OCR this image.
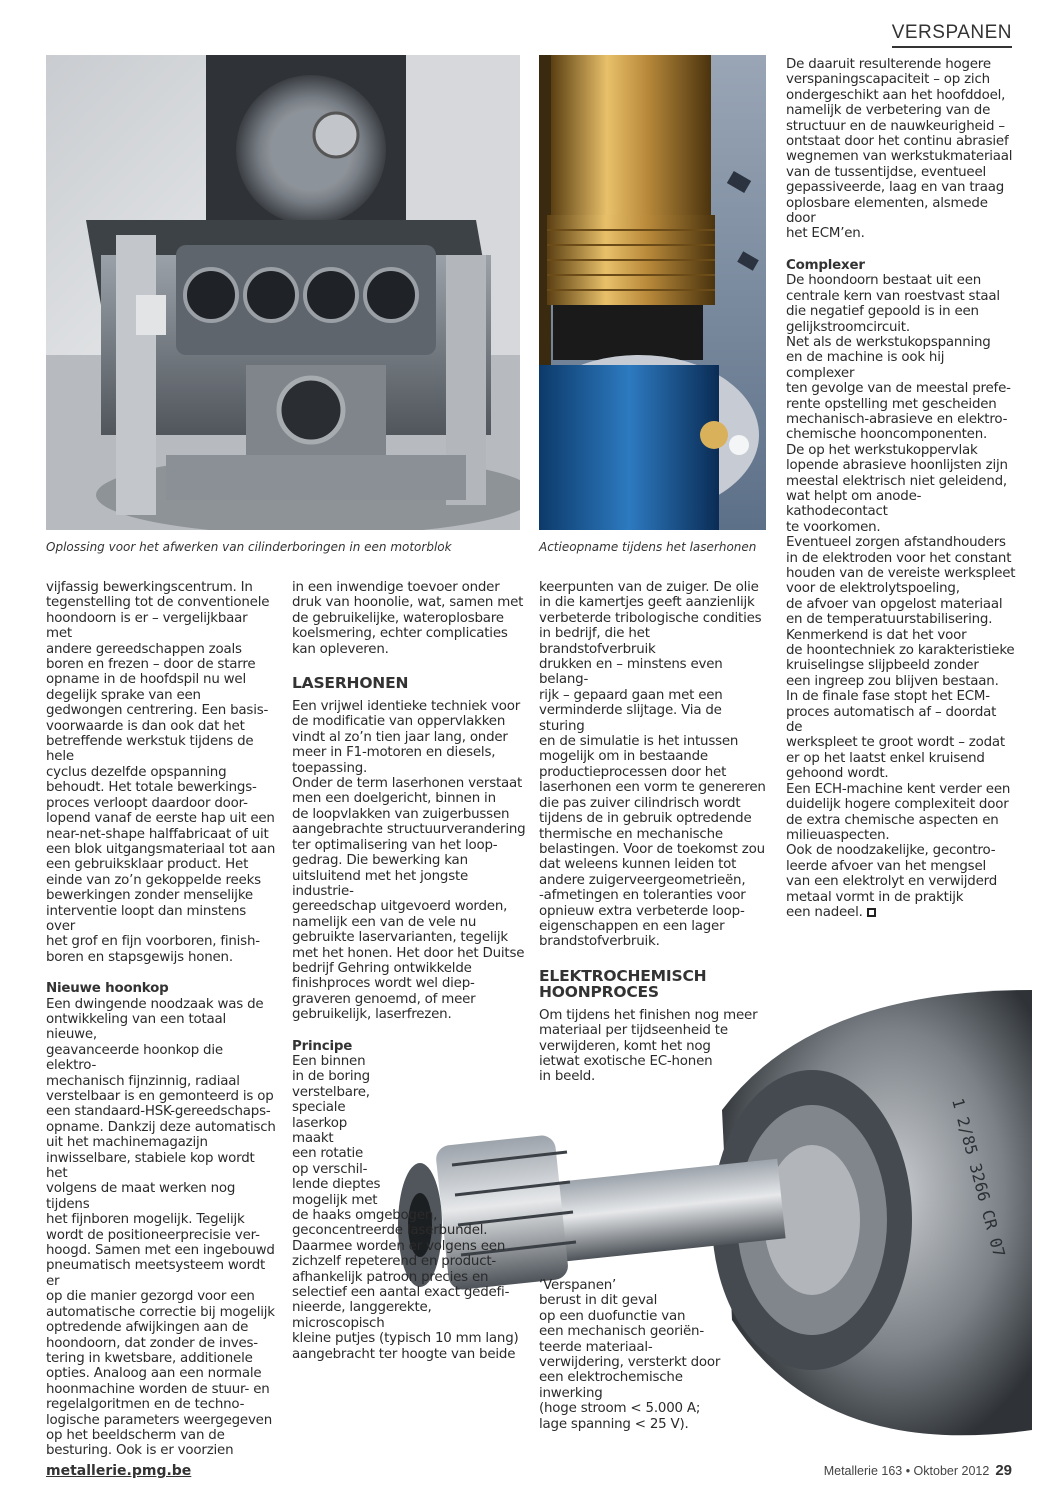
VERSPANEN
Oplossing voor het afwerken van cilinderboringen in een motorblok	Actieopname tijdens het laserhonen
1 2/85 3266 CR 07

vijfassig bewerkingscentrum. In
tegenstelling tot de conventionele
hoondoorn is er – vergelijkbaar met
andere gereedschappen zoals
boren en frezen – door de starre
opname in de hoofdspil nu wel
degelijk sprake van een
gedwongen centrering. Een basis-
voorwaarde is dan ook dat het
betreffende werkstuk tijdens de hele
cyclus dezelfde opspanning
behoudt. Het totale bewerkings-
proces verloopt daardoor door-
lopend vanaf de eerste hap uit een
near-net-shape halffabricaat of uit
een blok uitgangsmateriaal tot aan
een gebruiksklaar product. Het
einde van zo’n gekoppelde reeks
bewerkingen zonder menselijke
interventie loopt dan minstens over
het grof en fijn voorboren, finish-
boren en stapsgewijs honen.

Nieuwe hoonkop

Een dwingende noodzaak was de
ontwikkeling van een totaal nieuwe,
geavanceerde hoonkop die elektro-
mechanisch fijnzinnig, radiaal
verstelbaar is en gemonteerd is op
een standaard-HSK-gereedschaps-
opname. Dankzij deze automatisch
uit het machinemagazijn
inwisselbare, stabiele kop wordt het
volgens de maat werken nog tijdens
het fijnboren mogelijk. Tegelijk
wordt de positioneerprecisie ver-
hoogd. Samen met een ingebouwd
pneumatisch meetsysteem wordt er
op die manier gezorgd voor een
automatische correctie bij mogelijk
optredende afwijkingen aan de
hoondoorn, dat zonder de inves-
tering in kwetsbare, additionele
opties. Analoog aan een normale
hoonmachine worden de stuur- en
regelalgoritmen en de techno-
logische parameters weergegeven
op het beeldscherm van de
besturing. Ook is er voorzien

in een inwendige toevoer onder
druk van hoonolie, wat, samen met
de gebruikelijke, wateroplosbare
koelsmering, echter complicaties
kan opleveren.

LASERHONEN

Een vrijwel identieke techniek voor
de modificatie van oppervlakken
vindt al zo’n tien jaar lang, onder
meer in F1-motoren en diesels,
toepassing.
Onder de term laserhonen verstaat
men een doelgericht, binnen in
de loopvlakken van zuigerbussen
aangebrachte structuurverandering
ter optimalisering van het loop-
gedrag. Die bewerking kan
uitsluitend met het jongste industrie-
gereedschap uitgevoerd worden,
namelijk een van de vele nu
gebruikte laservarianten, tegelijk
met het honen. Het door het Duitse
bedrijf Gehring ontwikkelde
finishproces wordt wel diep-
graveren genoemd, of meer
gebruikelijk, laserfrezen.

Principe

Een binnen
in de boring
verstelbare,
speciale
laserkop
maakt
een rotatie
op verschil-
lende dieptes
mogelijk met

de haaks omgebogen,
geconcentreerde laserbundel.
Daarmee worden er volgens een
zichzelf repeterend en product-
afhankelijk patroon precies en
selectief een aantal exact gedefi-
nieerde, langgerekte, microscopisch
kleine putjes (typisch 10 mm lang)
aangebracht ter hoogte van beide

keerpunten van de zuiger. De olie
in die kamertjes geeft aanzienlijk
verbeterde tribologische condities
in bedrijf, die het brandstofverbruik
drukken en – minstens even belang-
rijk – gepaard gaan met een
verminderde slijtage. Via de sturing
en de simulatie is het intussen
mogelijk om in bestaande
productieprocessen door het
laserhonen een vorm te genereren
die pas zuiver cilindrisch wordt
tijdens de in gebruik optredende
thermische en mechanische
belastingen. Voor de toekomst zou
dat weleens kunnen leiden tot
andere zuigerveergeometrieën,
-afmetingen en toleranties voor
opnieuw extra verbeterde loop-
eigenschappen en een lager
brandstofverbruik.

ELEKTROCHEMISCH
HOONPROCES

Om tijdens het finishen nog meer
materiaal per tijdseenheid te
verwijderen, komt het nog
ietwat exotische EC-honen
in beeld.

‘Verspanen’
berust in dit geval
op een duofunctie van
een mechanisch georiën-
teerde materiaal-
verwijdering, versterkt door
een elektrochemische inwerking
(hoge stroom < 5.000 A;
lage spanning < 25 V).

De daaruit resulterende hogere
verspaningscapaciteit – op zich
ondergeschikt aan het hoofddoel,
namelijk de verbetering van de
structuur en de nauwkeurigheid –
ontstaat door het continu abrasief
wegnemen van werkstukmateriaal
van de tussentijdse, eventueel
gepassiveerde, laag en van traag
oplosbare elementen, alsmede door
het ECM’en.

Complexer

De hoondoorn bestaat uit een
centrale kern van roestvast staal
die negatief gepoold is in een
gelijkstroomcircuit.
Net als de werkstukopspanning
en de machine is ook hij complexer
ten gevolge van de meestal prefe-
rente opstelling met gescheiden
mechanisch-abrasieve en elektro-
chemische hooncomponenten.
De op het werkstukoppervlak
lopende abrasieve hoonlijsten zijn
meestal elektrisch niet geleidend,
wat helpt om anode-kathodecontact
te voorkomen.
Eventueel zorgen afstandhouders
in de elektroden voor het constant
houden van de vereiste werkspleet
voor de elektrolytspoeling,
de afvoer van opgelost materiaal
en de temperatuurstabilisering.
Kenmerkend is dat het voor
de hoontechniek zo karakteristieke
kruiselingse slijpbeeld zonder
een ingreep zou blijven bestaan.
In de finale fase stopt het ECM-
proces automatisch af – doordat de
werkspleet te groot wordt – zodat
er op het laatst enkel kruisend
gehoond wordt.
Een ECH-machine kent verder een
duidelijk hogere complexiteit door
de extra chemische aspecten en
milieuaspecten.
Ook de noodzakelijke, gecontro-
leerde afvoer van het mengsel
van een elektrolyt en verwijderd
metaal vormt in de praktijk
een nadeel.

metallerie.pmg.be	Metallerie 163 • Oktober 2012 29
